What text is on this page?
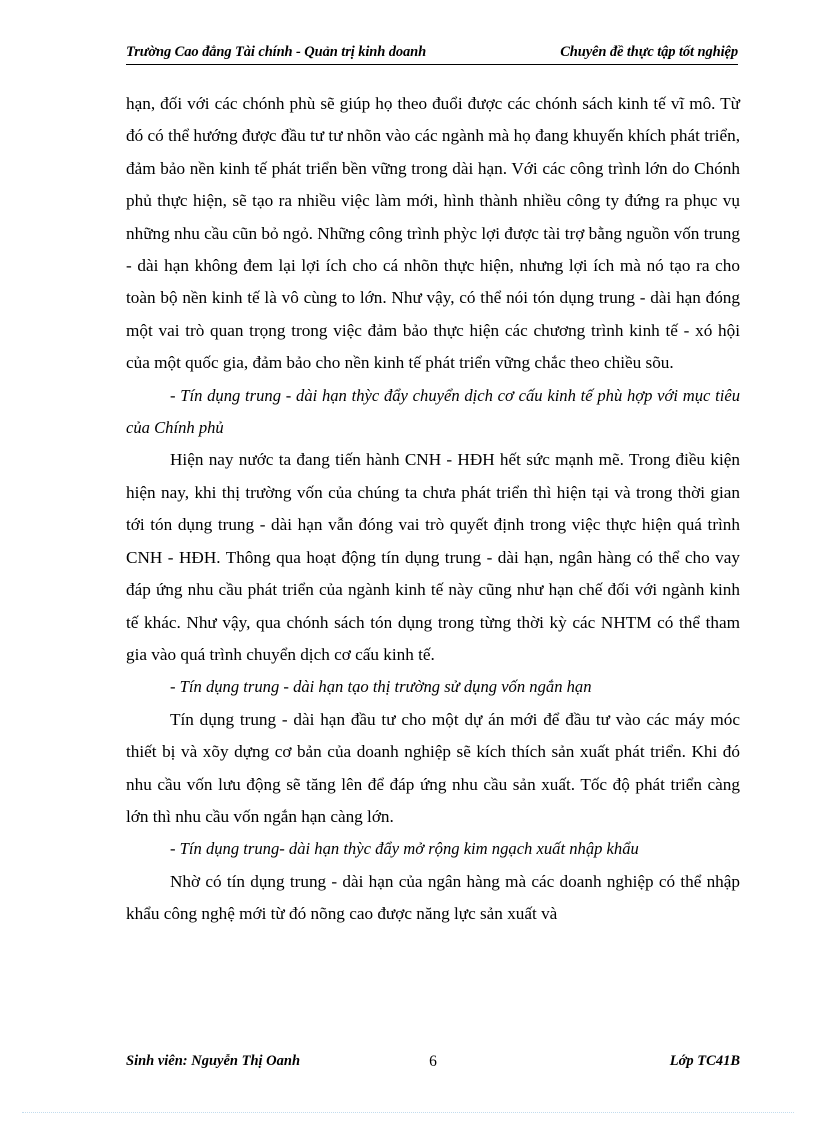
Trường Cao đẳng Tài chính - Quản trị kinh doanh	Chuyên đề thực tập tốt nghiệp

hạn, đối với các chónh phù sẽ giúp họ theo đuổi được các chónh sách kinh tế vĩ mô. Từ đó có thể hướng được đầu tư tư nhõn vào các ngành mà họ đang khuyến khích phát triển, đảm bảo nền kinh tế phát triển bền vững trong dài hạn. Với các công trình lớn do Chónh phủ thực hiện, sẽ tạo ra nhiều việc làm mới, hình thành nhiều công ty đứng ra phục vụ những nhu cầu cũn bỏ ngỏ. Những công trình phỳc lợi được tài trợ bằng nguồn vốn trung - dài hạn không đem lại lợi ích cho cá nhõn thực hiện, nhưng lợi ích mà nó tạo ra cho toàn bộ nền kinh tế là vô cùng to lớn. Như vậy, có thể nói tón dụng trung - dài hạn đóng một vai trò quan trọng trong việc đảm bảo thực hiện các chương trình kinh tế - xó hội của một quốc gia, đảm bảo cho nền kinh tế phát triển vững chắc theo chiều sõu.

- Tín dụng trung - dài hạn thỳc đẩy chuyển dịch cơ cấu kinh tế phù hợp với mục tiêu của Chính phủ

Hiện nay nước ta đang tiến hành CNH - HĐH hết sức mạnh mẽ. Trong điều kiện hiện nay, khi thị trường vốn của chúng ta chưa phát triển thì hiện tại và trong thời gian tới tón dụng trung - dài hạn vẫn đóng vai trò quyết định trong việc thực hiện quá trình CNH - HĐH. Thông qua hoạt động tín dụng trung - dài hạn, ngân hàng có thể cho vay đáp ứng nhu cầu phát triển của ngành kinh tế này cũng như hạn chế đối với ngành kinh tế khác. Như vậy, qua chónh sách tón dụng trong từng thời kỳ các NHTM có thể tham gia vào quá trình chuyển dịch cơ cấu kinh tế.

- Tín dụng trung - dài hạn tạo thị trường sử dụng vốn ngắn hạn

Tín dụng trung - dài hạn đầu tư cho một dự án mới để đầu tư vào các máy móc thiết bị và xõy dựng cơ bản của doanh nghiệp sẽ kích thích sản xuất phát triển. Khi đó nhu cầu vốn lưu động sẽ tăng lên để đáp ứng nhu cầu sản xuất. Tốc độ phát triển càng lớn thì nhu cầu vốn ngắn hạn càng lớn.

- Tín dụng trung- dài hạn thỳc đẩy mở rộng kim ngạch xuất nhập khẩu

Nhờ có tín dụng trung - dài hạn của ngân hàng mà các doanh nghiệp có thể nhập khẩu công nghệ mới từ đó nõng cao được năng lực sản xuất và

Sinh viên: Nguyễn Thị Oanh	6	Lớp TC41B
